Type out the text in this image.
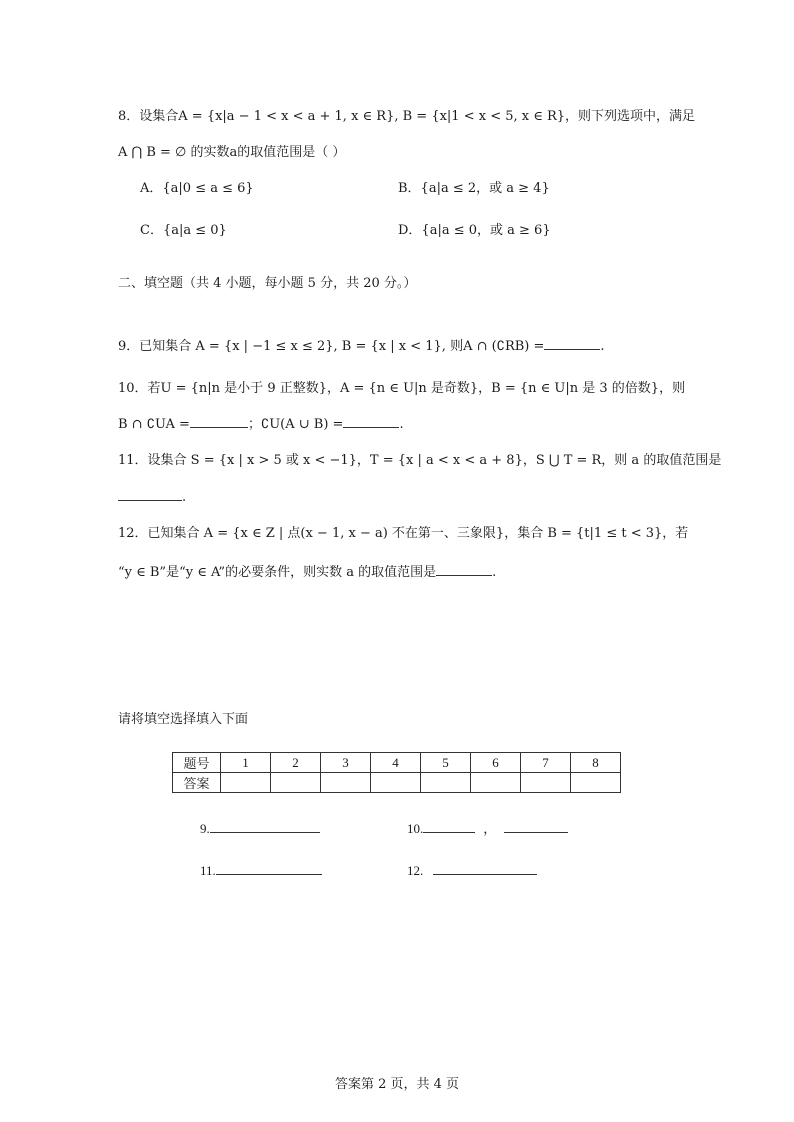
8．设集合A = {x|a − 1 < x < a + 1, x ∈ R}, B = {x|1 < x < 5, x ∈ R}，则下列选项中，满足
A ⋂ B = ∅ 的实数a的取值范围是（ ）
A．{a|0 ≤ a ≤ 6}	B．{a|a ≤ 2，或 a ≥ 4}
C．{a|a ≤ 0}	D．{a|a ≤ 0，或 a ≥ 6}
二、填空题（共 4 小题，每小题 5 分，共 20 分。）
9．已知集合 A = {x | −1 ≤ x ≤ 2}, B = {x | x < 1}, 则A ∩ (∁RB) =	.
10．若U = {n|n 是小于 9 正整数}，A = {n ∈ U|n 是奇数}，B = {n ∈ U|n 是 3 的倍数}，则
B ∩ ∁UA =	；∁U(A ∪ B) =	.
11．设集合 S = {x | x > 5 或 x < −1}，T = {x | a < x < a + 8}，S ⋃ T = R，则 a 的取值范围是
.
12．已知集合 A = {x ∈ Z | 点(x − 1, x − a) 不在第一、三象限}，集合 B = {t|1 ≤ t < 3}，若
“y ∈ B”是“y ∈ A”的必要条件，则实数 a 的取值范围是	.
请将填空选择填入下面
题号	1	2	3	4	5	6	7	8
答案								
9.	10.	，
11.	12.
答案第 2 页，共 4 页
